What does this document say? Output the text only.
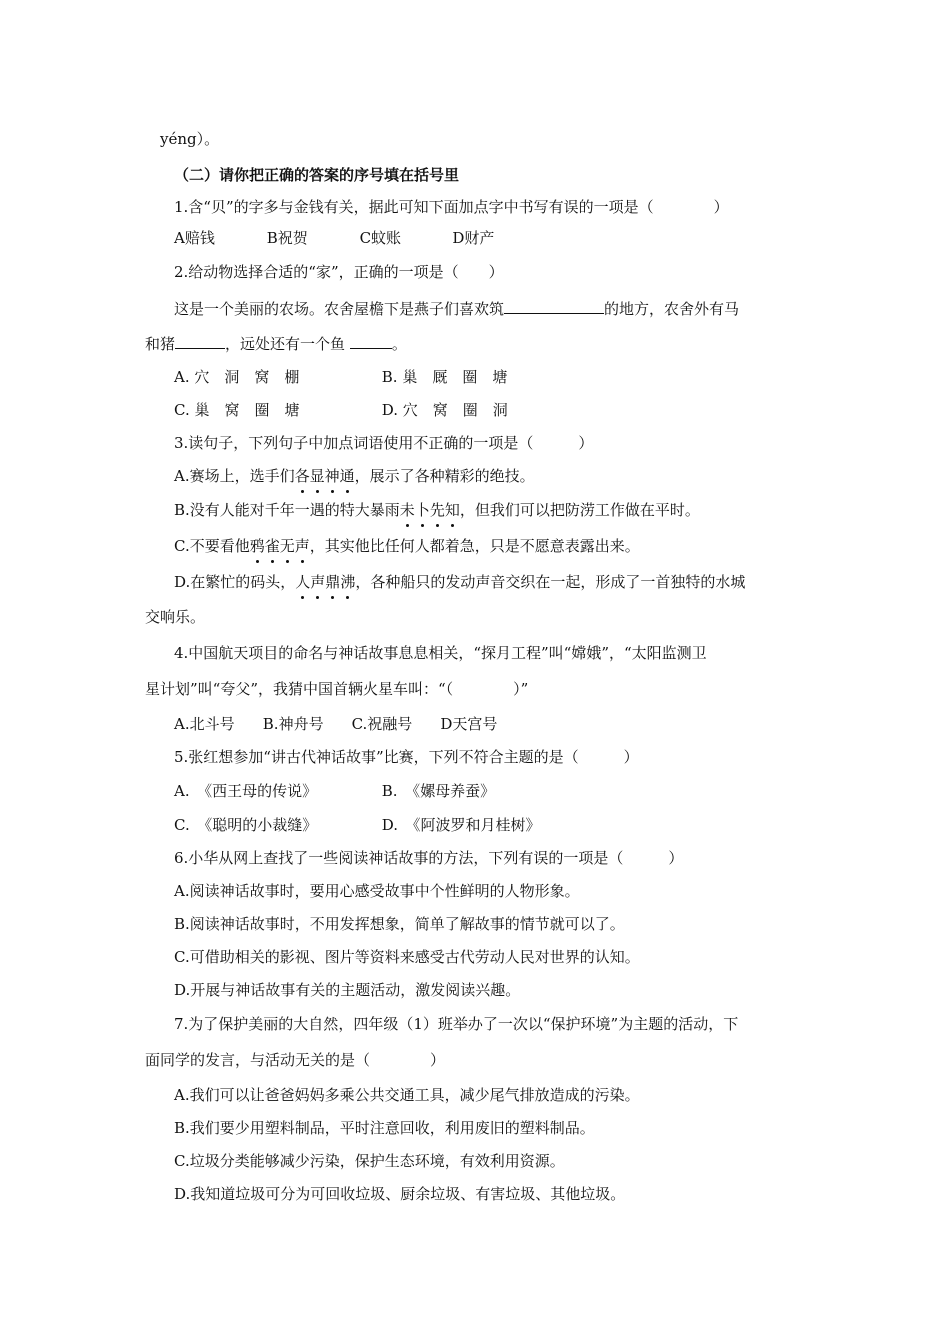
yéng）。
（二）请你把正确的答案的序号填在括号里
1.含“贝”的字多与金钱有关，据此可知下面加点字中书写有误的一项是（　　　　）
A赔钱	B祝贺	C蚊账	D财产
2.给动物选择合适的“家”，正确的一项是（　　）
这是一个美丽的农场。农舍屋檐下是燕子们喜欢筑	的地方，农舍外有马
和猪	，远处还有一个鱼	。
A. 穴　洞　窝　棚	B. 巢　厩　圈　塘
C. 巢　窝　圈　塘	D. 穴　窝　圈　洞
3.读句子，下列句子中加点词语使用不正确的一项是（　　　）
A.赛场上，选手们各显神通，展示了各种精彩的绝技。
B.没有人能对千年一遇的特大暴雨未卜先知，但我们可以把防涝工作做在平时。
C.不要看他鸦雀无声，其实他比任何人都着急，只是不愿意表露出来。
D.在繁忙的码头，人声鼎沸，各种船只的发动声音交织在一起，形成了一首独特的水城
交响乐。
4.中国航天项目的命名与神话故事息息相关，“探月工程”叫“嫦娥”，“太阳监测卫
星计划”叫“夸父”，我猜中国首辆火星车叫：“（　　　　）”
A.北斗号 B.神舟号 C.祝融号 D天宫号
5.张红想参加“讲古代神话故事”比赛，下列不符合主题的是（　　　）
A.　《西王母的传说》	B.　《嫘母养蚕》
C.　《聪明的小裁缝》	D.　《阿波罗和月桂树》
6.小华从网上查找了一些阅读神话故事的方法，下列有误的一项是（　　　）
A.阅读神话故事时，要用心感受故事中个性鲜明的人物形象。
B.阅读神话故事时，不用发挥想象，简单了解故事的情节就可以了。
C.可借助相关的影视、图片等资料来感受古代劳动人民对世界的认知。
D.开展与神话故事有关的主题活动，激发阅读兴趣。
7.为了保护美丽的大自然，四年级（1）班举办了一次以“保护环境”为主题的活动，下
面同学的发言，与活动无关的是（　　　　）
A.我们可以让爸爸妈妈多乘公共交通工具，减少尾气排放造成的污染。
B.我们要少用塑料制品，平时注意回收，利用废旧的塑料制品。
C.垃圾分类能够减少污染，保护生态环境，有效利用资源。
D.我知道垃圾可分为可回收垃圾、厨余垃圾、有害垃圾、其他垃圾。
